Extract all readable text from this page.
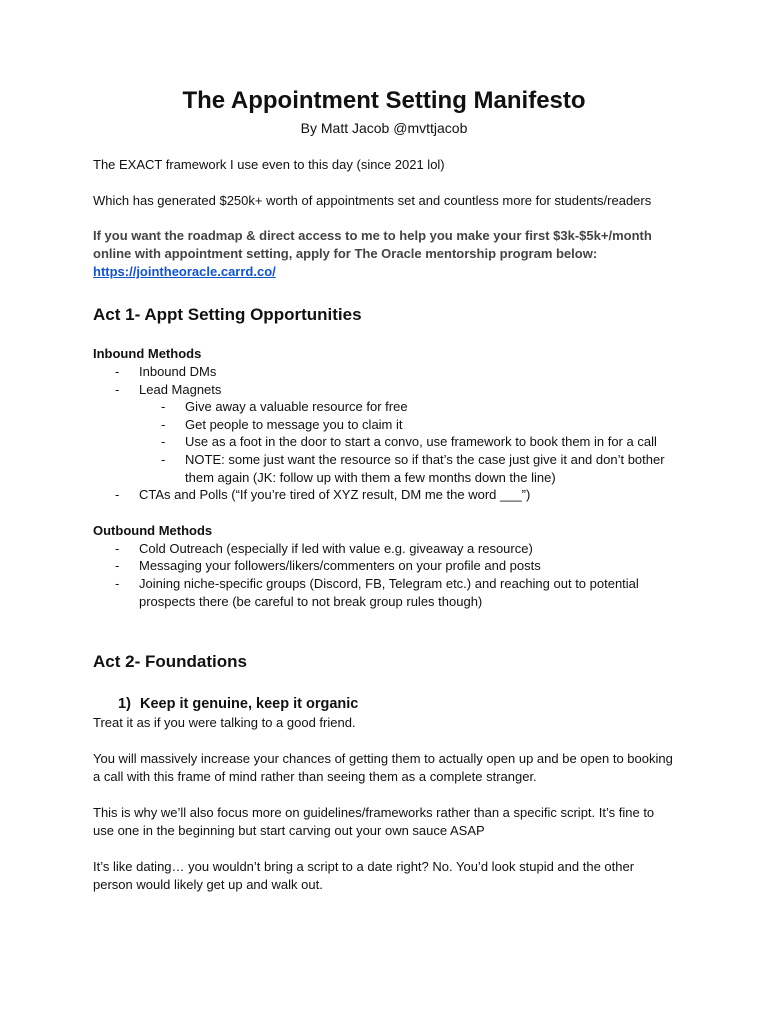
The Appointment Setting Manifesto
By Matt Jacob @mvttjacob

The EXACT framework I use even to this day (since 2021 lol)

Which has generated $250k+ worth of appointments set and countless more for students/readers

If you want the roadmap & direct access to me to help you make your first $3k-$5k+/month online with appointment setting, apply for The Oracle mentorship program below:

https://jointheoracle.carrd.co/
Act 1- Appt Setting Opportunities
Inbound Methods
- Inbound DMs
- Lead Magnets
- Give away a valuable resource for free
- Get people to message you to claim it
- Use as a foot in the door to start a convo, use framework to book them in for a call
- NOTE: some just want the resource so if that’s the case just give it and don’t bother them again (JK: follow up with them a few months down the line)
- CTAs and Polls (“If you’re tired of XYZ result, DM me the word ___”)
Outbound Methods
- Cold Outreach (especially if led with value e.g. giveaway a resource)
- Messaging your followers/likers/commenters on your profile and posts
- Joining niche-specific groups (Discord, FB, Telegram etc.) and reaching out to potential prospects there (be careful to not break group rules though)
Act 2- Foundations
1) Keep it genuine, keep it organic

Treat it as if you were talking to a good friend.

You will massively increase your chances of getting them to actually open up and be open to booking a call with this frame of mind rather than seeing them as a complete stranger.

This is why we’ll also focus more on guidelines/frameworks rather than a specific script. It’s fine to use one in the beginning but start carving out your own sauce ASAP

It’s like dating… you wouldn’t bring a script to a date right? No. You’d look stupid and the other person would likely get up and walk out.
